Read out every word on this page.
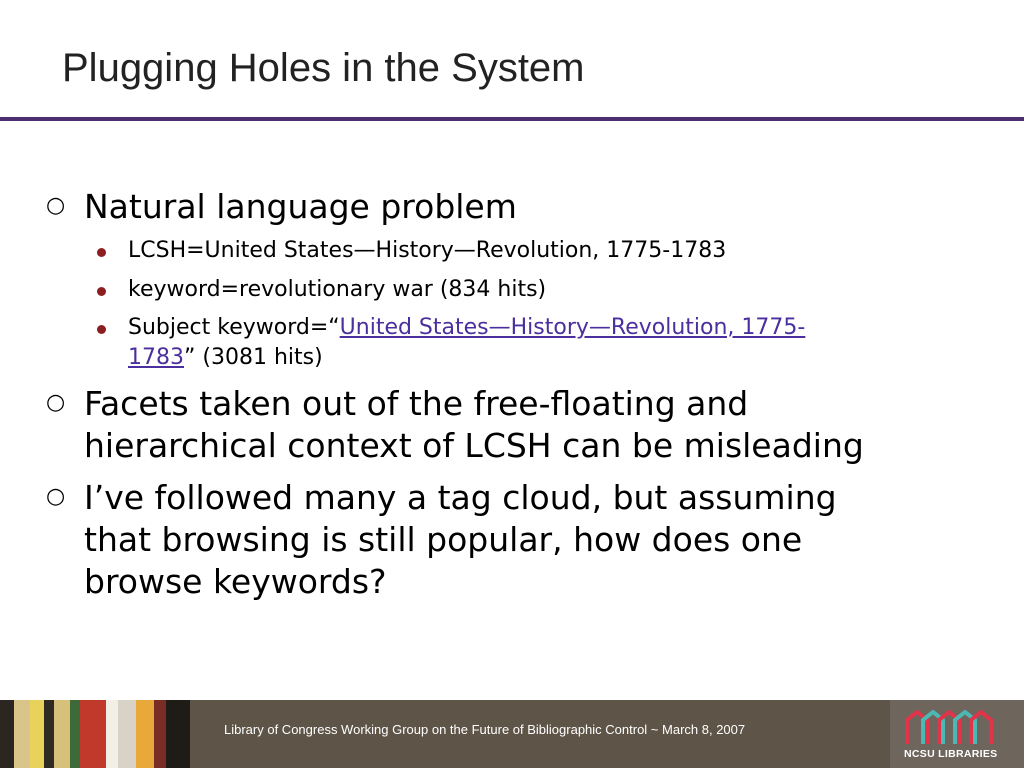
Plugging Holes in the System
○ Natural language problem
LCSH=United States—History—Revolution, 1775-1783
keyword=revolutionary war (834 hits)
Subject keyword=“United States—History—Revolution, 1775-
1783” (3081 hits)
○ Facets taken out of the free-floating and
hierarchical context of LCSH can be misleading
○ I’ve followed many a tag cloud, but assuming
that browsing is still popular, how does one
browse keywords?
Library of Congress Working Group on the Future of Bibliographic Control ~ March 8, 2007
NCSU LIBRARIES
